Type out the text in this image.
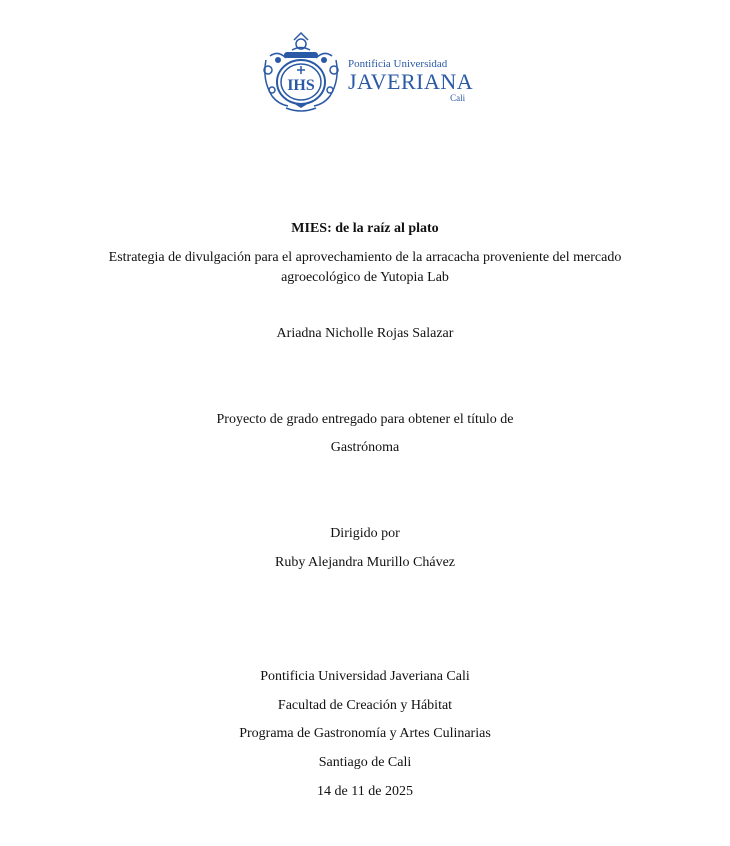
IHS
Pontificia Universidad
JAVERIANA
Cali
MIES: de la raíz al plato
Estrategia de divulgación para el aprovechamiento de la arracacha proveniente del mercado
agroecológico de Yutopia Lab
Ariadna Nicholle Rojas Salazar
Proyecto de grado entregado para obtener el título de
Gastrónoma
Dirigido por
Ruby Alejandra Murillo Chávez
Pontificia Universidad Javeriana Cali
Facultad de Creación y Hábitat
Programa de Gastronomía y Artes Culinarias
Santiago de Cali
14 de 11 de 2025
